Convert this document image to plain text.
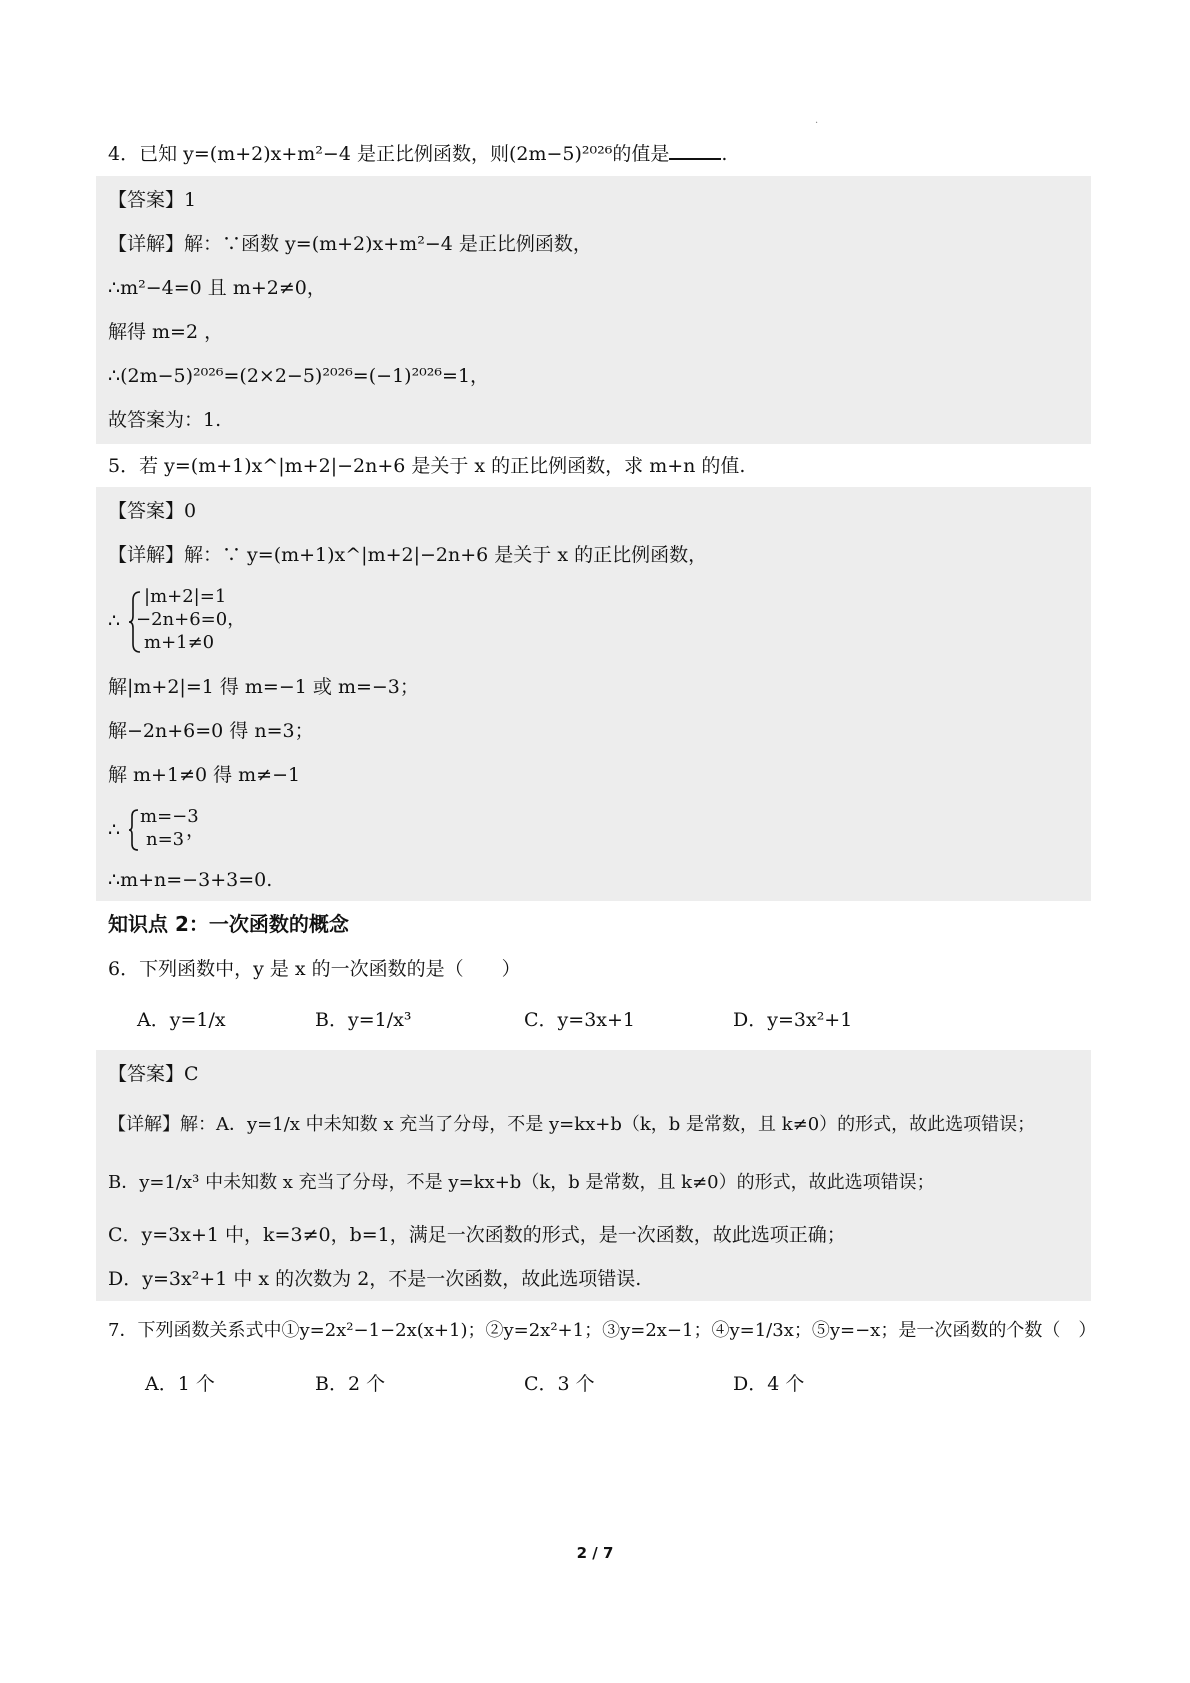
·
4．已知 y=(m+2)x+m²−4 是正比例函数，则(2m−5)²⁰²⁶的值是	.
【答案】1
【详解】解：∵函数 y=(m+2)x+m²−4 是正比例函数，
∴m²−4=0 且 m+2≠0，
解得 m=2 ，
∴(2m−5)²⁰²⁶=(2×2−5)²⁰²⁶=(−1)²⁰²⁶=1，
故答案为：1.
5．若 y=(m+1)x^|m+2|−2n+6 是关于 x 的正比例函数，求 m+n 的值.
【答案】0
【详解】解：∵ y=(m+1)x^|m+2|−2n+6 是关于 x 的正比例函数，
∴
|m+2|=1
−2n+6=0，
m+1≠0
解|m+2|=1 得 m=−1 或 m=−3；
解−2n+6=0 得 n=3；
解 m+1≠0 得 m≠−1
∴
m=−3
n=3 ，
∴m+n=−3+3=0.
知识点 2：一次函数的概念
6．下列函数中，y 是 x 的一次函数的是（　　）
A．y=1/x	B．y=1/x³	C．y=3x+1	D．y=3x²+1
【答案】C
【详解】解：A．y=1/x 中未知数 x 充当了分母，不是 y=kx+b（k，b 是常数，且 k≠0）的形式，故此选项错误；
B．y=1/x³ 中未知数 x 充当了分母，不是 y=kx+b（k，b 是常数，且 k≠0）的形式，故此选项错误；
C．y=3x+1 中，k=3≠0，b=1，满足一次函数的形式，是一次函数，故此选项正确；
D．y=3x²+1 中 x 的次数为 2，不是一次函数，故此选项错误.
7．下列函数关系式中①y=2x²−1−2x(x+1)；②y=2x²+1；③y=2x−1；④y=1/3x；⑤y=−x；是一次函数的个数（　）
A．1 个	B．2 个	C．3 个	D．4 个
2 / 7
